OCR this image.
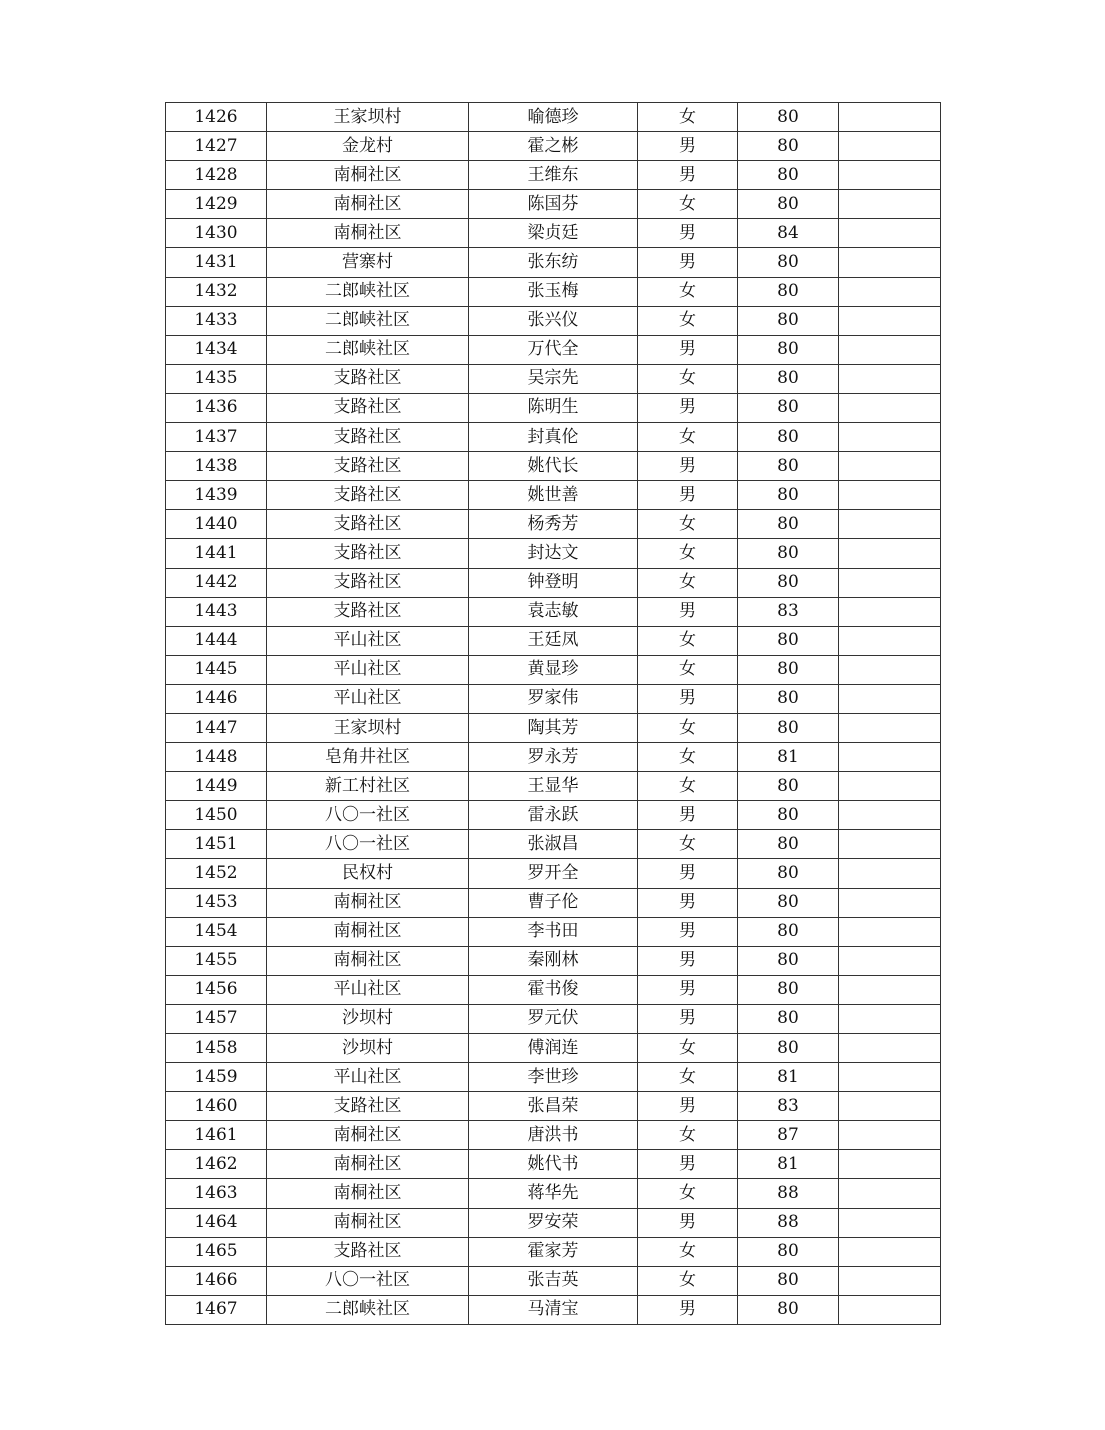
1426	王家坝村	喻德珍	女	80	
1427	金龙村	霍之彬	男	80	
1428	南桐社区	王维东	男	80	
1429	南桐社区	陈国芬	女	80	
1430	南桐社区	梁贞廷	男	84	
1431	营寨村	张东纺	男	80	
1432	二郎峡社区	张玉梅	女	80	
1433	二郎峡社区	张兴仪	女	80	
1434	二郎峡社区	万代全	男	80	
1435	支路社区	吴宗先	女	80	
1436	支路社区	陈明生	男	80	
1437	支路社区	封真伦	女	80	
1438	支路社区	姚代长	男	80	
1439	支路社区	姚世善	男	80	
1440	支路社区	杨秀芳	女	80	
1441	支路社区	封达文	女	80	
1442	支路社区	钟登明	女	80	
1443	支路社区	袁志敏	男	83	
1444	平山社区	王廷凤	女	80	
1445	平山社区	黄显珍	女	80	
1446	平山社区	罗家伟	男	80	
1447	王家坝村	陶其芳	女	80	
1448	皂角井社区	罗永芳	女	81	
1449	新工村社区	王显华	女	80	
1450	八〇一社区	雷永跃	男	80	
1451	八〇一社区	张淑昌	女	80	
1452	民权村	罗开全	男	80	
1453	南桐社区	曹子伦	男	80	
1454	南桐社区	李书田	男	80	
1455	南桐社区	秦刚林	男	80	
1456	平山社区	霍书俊	男	80	
1457	沙坝村	罗元伏	男	80	
1458	沙坝村	傅润连	女	80	
1459	平山社区	李世珍	女	81	
1460	支路社区	张昌荣	男	83	
1461	南桐社区	唐洪书	女	87	
1462	南桐社区	姚代书	男	81	
1463	南桐社区	蒋华先	女	88	
1464	南桐社区	罗安荣	男	88	
1465	支路社区	霍家芳	女	80	
1466	八〇一社区	张吉英	女	80	
1467	二郎峡社区	马清宝	男	80	
